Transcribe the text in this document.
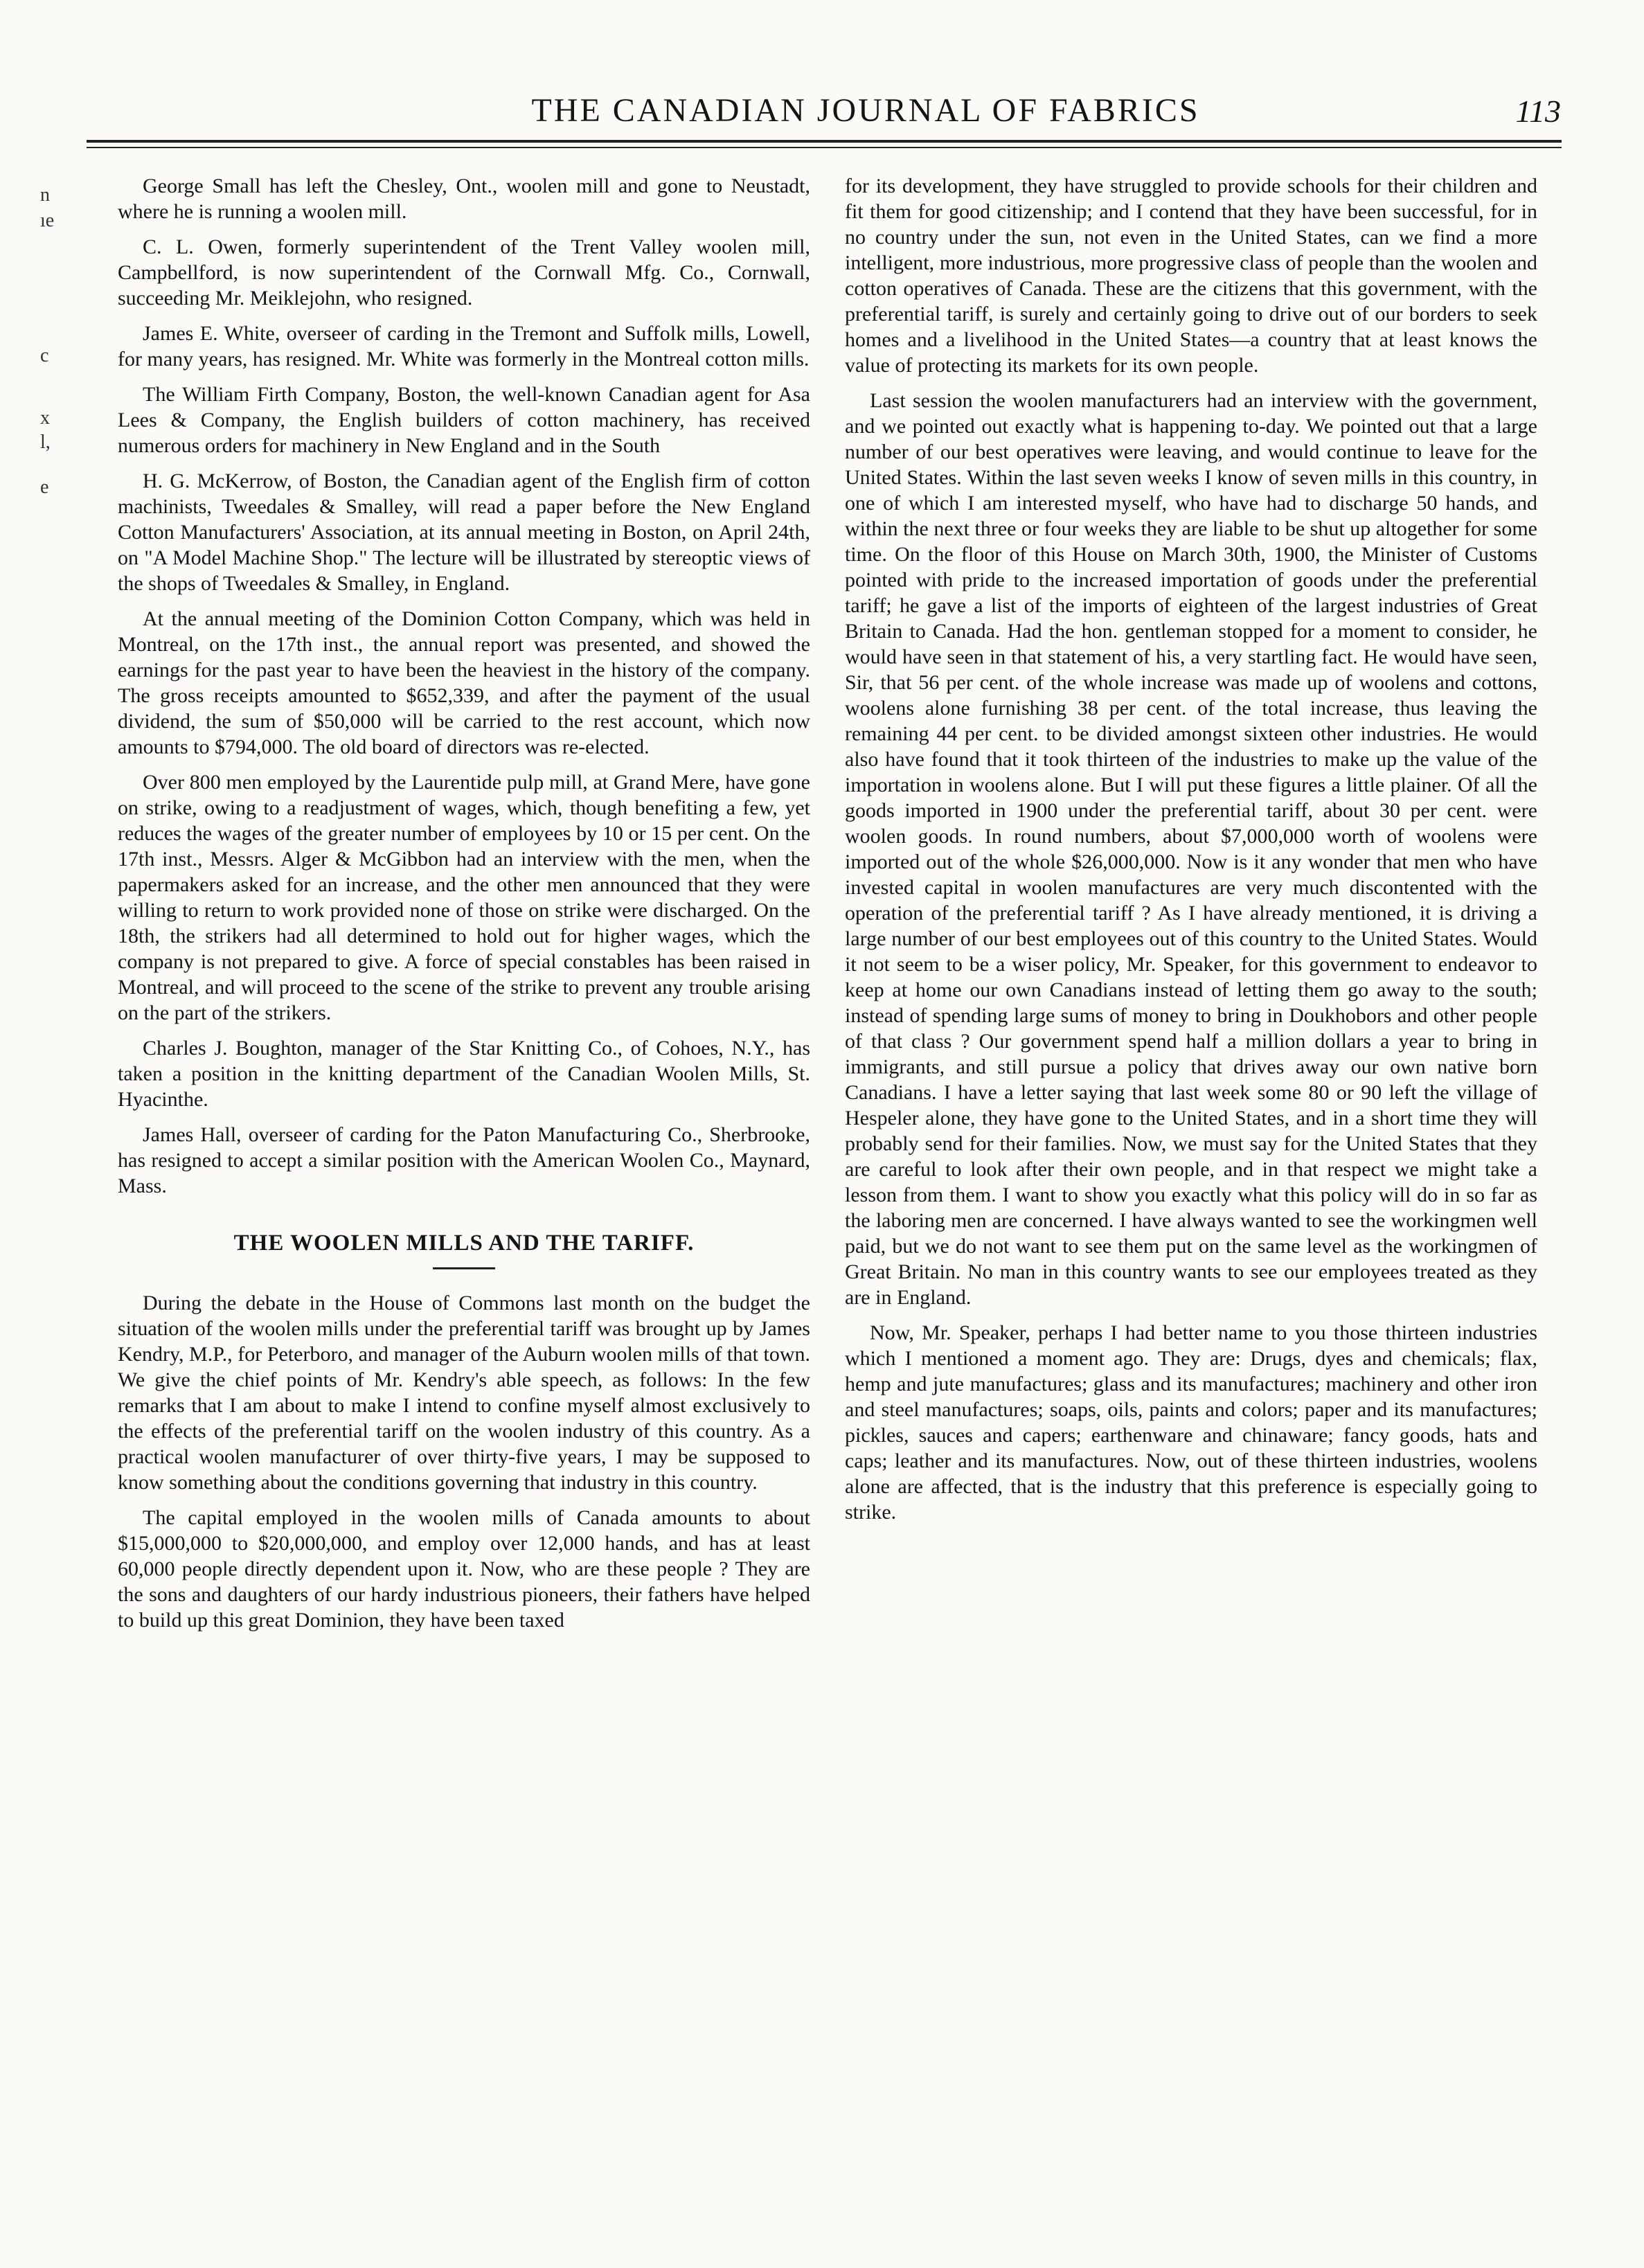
n
ıe
c
x
l,
e
THE CANADIAN JOURNAL OF FABRICS	113

George Small has left the Chesley, Ont., woolen mill and gone to Neustadt, where he is running a woolen mill.

C. L. Owen, formerly superintendent of the Trent Valley woolen mill, Campbellford, is now superintendent of the Cornwall Mfg. Co., Cornwall, succeeding Mr. Meiklejohn, who resigned.

James E. White, overseer of carding in the Tremont and Suffolk mills, Lowell, for many years, has resigned. Mr. White was formerly in the Montreal cotton mills.

The William Firth Company, Boston, the well-known Canadian agent for Asa Lees & Company, the English builders of cotton machinery, has received numerous orders for machinery in New England and in the South

H. G. McKerrow, of Boston, the Canadian agent of the English firm of cotton machinists, Tweedales & Smalley, will read a paper before the New England Cotton Manufacturers' Association, at its annual meeting in Boston, on April 24th, on "A Model Machine Shop." The lecture will be illustrated by stereoptic views of the shops of Tweedales & Smalley, in England.

At the annual meeting of the Dominion Cotton Company, which was held in Montreal, on the 17th inst., the annual report was presented, and showed the earnings for the past year to have been the heaviest in the history of the company. The gross receipts amounted to $652,339, and after the payment of the usual dividend, the sum of $50,000 will be carried to the rest account, which now amounts to $794,000. The old board of directors was re-elected.

Over 800 men employed by the Laurentide pulp mill, at Grand Mere, have gone on strike, owing to a readjustment of wages, which, though benefiting a few, yet reduces the wages of the greater number of employees by 10 or 15 per cent. On the 17th inst., Messrs. Alger & McGibbon had an interview with the men, when the papermakers asked for an increase, and the other men announced that they were willing to return to work provided none of those on strike were discharged. On the 18th, the strikers had all determined to hold out for higher wages, which the company is not prepared to give. A force of special constables has been raised in Montreal, and will proceed to the scene of the strike to prevent any trouble arising on the part of the strikers.

Charles J. Boughton, manager of the Star Knitting Co., of Cohoes, N.Y., has taken a position in the knitting department of the Canadian Woolen Mills, St. Hyacinthe.

James Hall, overseer of carding for the Paton Manufacturing Co., Sherbrooke, has resigned to accept a similar position with the American Woolen Co., Maynard, Mass.

THE WOOLEN MILLS AND THE TARIFF.

During the debate in the House of Commons last month on the budget the situation of the woolen mills under the preferential tariff was brought up by James Kendry, M.P., for Peterboro, and manager of the Auburn woolen mills of that town. We give the chief points of Mr. Kendry's able speech, as follows: In the few remarks that I am about to make I intend to confine myself almost exclusively to the effects of the preferential tariff on the woolen industry of this country. As a practical woolen manufacturer of over thirty-five years, I may be supposed to know something about the conditions governing that industry in this country.

The capital employed in the woolen mills of Canada amounts to about $15,000,000 to $20,000,000, and employ over 12,000 hands, and has at least 60,000 people directly dependent upon it. Now, who are these people ? They are the sons and daughters of our hardy industrious pioneers, their fathers have helped to build up this great Dominion, they have been taxed

for its development, they have struggled to provide schools for their children and fit them for good citizenship; and I contend that they have been successful, for in no country under the sun, not even in the United States, can we find a more intelligent, more industrious, more progressive class of people than the woolen and cotton operatives of Canada. These are the citizens that this government, with the preferential tariff, is surely and certainly going to drive out of our borders to seek homes and a livelihood in the United States—a country that at least knows the value of protecting its markets for its own people.

Last session the woolen manufacturers had an interview with the government, and we pointed out exactly what is happening to-day. We pointed out that a large number of our best operatives were leaving, and would continue to leave for the United States. Within the last seven weeks I know of seven mills in this country, in one of which I am interested myself, who have had to discharge 50 hands, and within the next three or four weeks they are liable to be shut up altogether for some time. On the floor of this House on March 30th, 1900, the Minister of Customs pointed with pride to the increased importation of goods under the preferential tariff; he gave a list of the imports of eighteen of the largest industries of Great Britain to Canada. Had the hon. gentleman stopped for a moment to consider, he would have seen in that statement of his, a very startling fact. He would have seen, Sir, that 56 per cent. of the whole increase was made up of woolens and cottons, woolens alone furnishing 38 per cent. of the total increase, thus leaving the remaining 44 per cent. to be divided amongst sixteen other industries. He would also have found that it took thirteen of the industries to make up the value of the importation in woolens alone. But I will put these figures a little plainer. Of all the goods imported in 1900 under the preferential tariff, about 30 per cent. were woolen goods. In round numbers, about $7,000,000 worth of woolens were imported out of the whole $26,000,000. Now is it any wonder that men who have invested capital in woolen manufactures are very much discontented with the operation of the preferential tariff ? As I have already mentioned, it is driving a large number of our best employees out of this country to the United States. Would it not seem to be a wiser policy, Mr. Speaker, for this government to endeavor to keep at home our own Canadians instead of letting them go away to the south; instead of spending large sums of money to bring in Doukhobors and other people of that class ? Our government spend half a million dollars a year to bring in immigrants, and still pursue a policy that drives away our own native born Canadians. I have a letter saying that last week some 80 or 90 left the village of Hespeler alone, they have gone to the United States, and in a short time they will probably send for their families. Now, we must say for the United States that they are careful to look after their own people, and in that respect we might take a lesson from them. I want to show you exactly what this policy will do in so far as the laboring men are concerned. I have always wanted to see the workingmen well paid, but we do not want to see them put on the same level as the workingmen of Great Britain. No man in this country wants to see our employees treated as they are in England.

Now, Mr. Speaker, perhaps I had better name to you those thirteen industries which I mentioned a moment ago. They are: Drugs, dyes and chemicals; flax, hemp and jute manufactures; glass and its manufactures; machinery and other iron and steel manufactures; soaps, oils, paints and colors; paper and its manufactures; pickles, sauces and capers; earthenware and chinaware; fancy goods, hats and caps; leather and its manufactures. Now, out of these thirteen industries, woolens alone are affected, that is the industry that this preference is especially going to strike.
